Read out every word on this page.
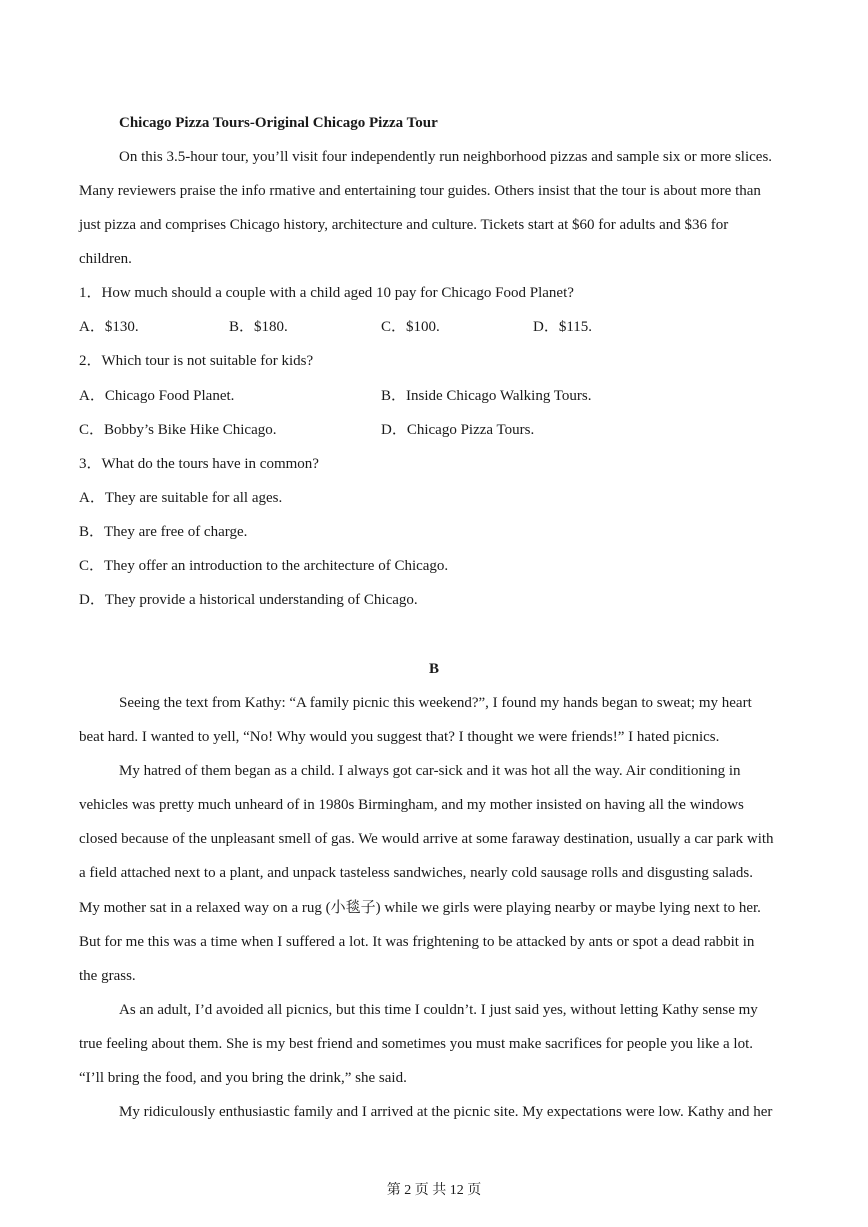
Chicago Pizza Tours-Original Chicago Pizza Tour
On this 3.5-hour tour, you’ll visit four independently run neighborhood pizzas and sample six or more slices.
Many reviewers praise the info rmative and entertaining tour guides. Others insist that the tour is about more than
just pizza and comprises Chicago history, architecture and culture. Tickets start at $60 for adults and $36 for
children.
1．How much should a couple with a child aged 10 pay for Chicago Food Planet?
A．$130.	B．$180.	C．$100.	D．$115.
2．Which tour is not suitable for kids?
A．Chicago Food Planet.	B．Inside Chicago Walking Tours.
C．Bobby’s Bike Hike Chicago.	D．Chicago Pizza Tours.
3．What do the tours have in common?
A．They are suitable for all ages.
B．They are free of charge.
C．They offer an introduction to the architecture of Chicago.
D．They provide a historical understanding of Chicago.
B
Seeing the text from Kathy: “A family picnic this weekend?”, I found my hands began to sweat; my heart
beat hard. I wanted to yell, “No! Why would you suggest that? I thought we were friends!” I hated picnics.
My hatred of them began as a child. I always got car-sick and it was hot all the way. Air conditioning in
vehicles was pretty much unheard of in 1980s Birmingham, and my mother insisted on having all the windows
closed because of the unpleasant smell of gas. We would arrive at some faraway destination, usually a car park with
a field attached next to a plant, and unpack tasteless sandwiches, nearly cold sausage rolls and disgusting salads.
My mother sat in a relaxed way on a rug (小毯子) while we girls were playing nearby or maybe lying next to her.
But for me this was a time when I suffered a lot. It was frightening to be attacked by ants or spot a dead rabbit in
the grass.
As an adult, I’d avoided all picnics, but this time I couldn’t. I just said yes, without letting Kathy sense my
true feeling about them. She is my best friend and sometimes you must make sacrifices for people you like a lot.
“I’ll bring the food, and you bring the drink,” she said.
My ridiculously enthusiastic family and I arrived at the picnic site. My expectations were low. Kathy and her
第 2 页 共 12 页
